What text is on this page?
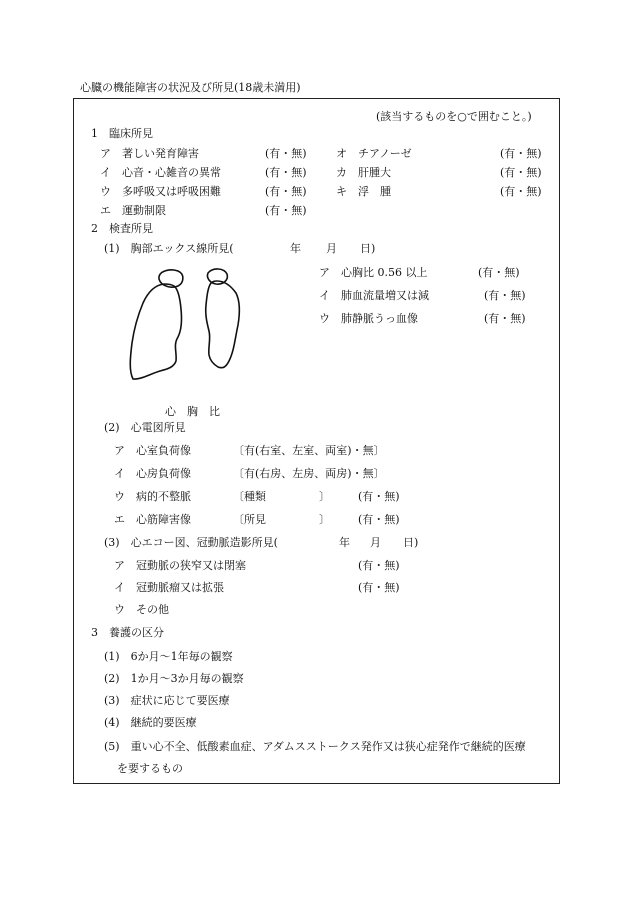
心臓の機能障害の状況及び所見(18歳未満用)
(該当するものを○で囲むこと。)
1　臨床所見
ア　著しい発育障害	(有・無)	オ　チアノーゼ	(有・無)
イ　心音・心雑音の異常	(有・無)	カ　肝腫大	(有・無)
ウ　多呼吸又は呼吸困難	(有・無)	キ　浮　腫	(有・無)
エ　運動制限	(有・無)
2　検査所見
(1)　胸部エックス線所見(	年 月 日)
ア　心胸比 0.56 以上	(有・無)
イ　肺血流量増又は減	(有・無)
ウ　肺静脈うっ血像	(有・無)
心　胸　比
(2)　心電図所見
ア　心室負荷像	〔有(右室、左室、両室)・無〕
イ　心房負荷像	〔有(右房、左房、両房)・無〕
ウ　病的不整脈	〔種類	〕	(有・無)
エ　心筋障害像	〔所見	〕	(有・無)
(3)　心エコー図、冠動脈造影所見(	年 月 日)
ア　冠動脈の狭窄又は閉塞	(有・無)
イ　冠動脈瘤又は拡張	(有・無)
ウ　その他
3　養護の区分
(1)　6か月～1年毎の観察
(2)　1か月～3か月毎の観察
(3)　症状に応じて要医療
(4)　継続的要医療
(5)　重い心不全、低酸素血症、アダムスストークス発作又は狭心症発作で継続的医療
を要するもの
